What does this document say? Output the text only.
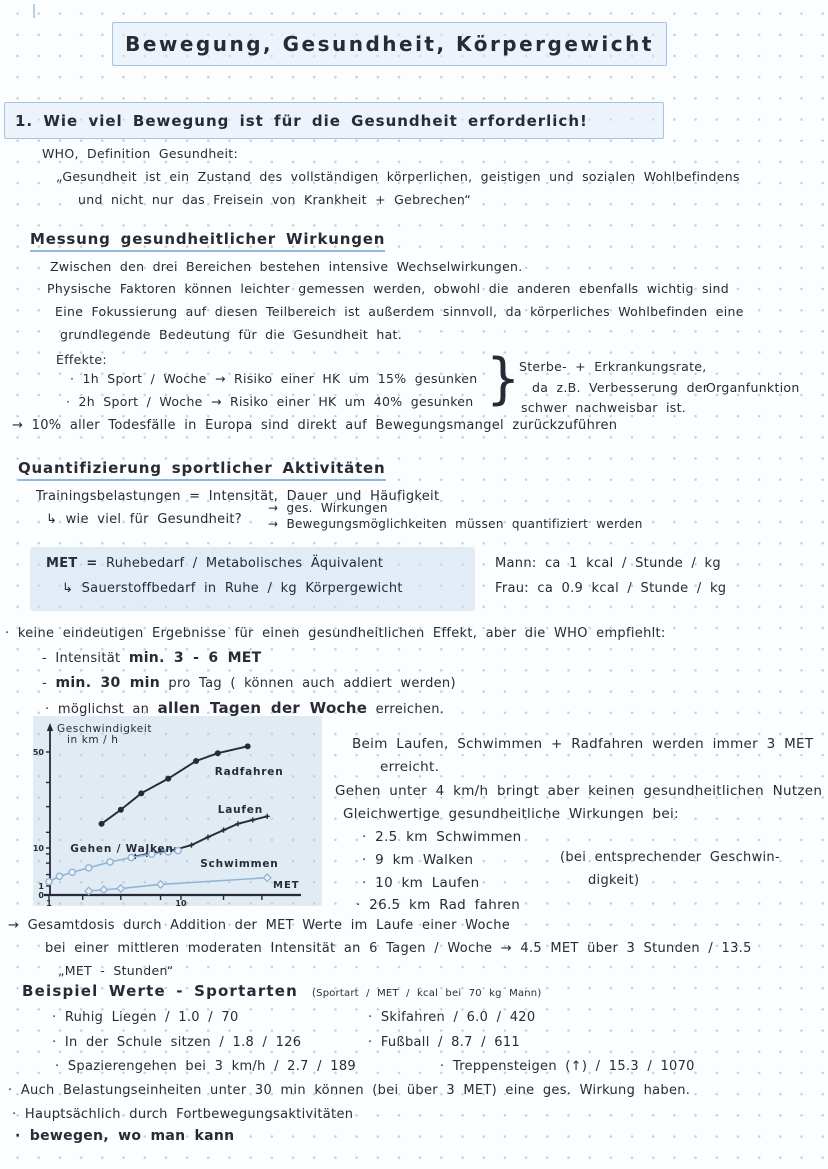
Bewegung, Gesundheit, Körpergewicht
1. Wie viel Bewegung ist für die Gesundheit erforderlich!
WHO, Definition Gesundheit:
„Gesundheit ist ein Zustand des vollständigen körperlichen, geistigen und sozialen Wohlbefindens
und nicht nur das Freisein von Krankheit + Gebrechen“
Messung gesundheitlicher Wirkungen
Zwischen den drei Bereichen bestehen intensive Wechselwirkungen.
Physische Faktoren können leichter gemessen werden, obwohl die anderen ebenfalls wichtig sind
Eine Fokussierung auf diesen Teilbereich ist außerdem sinnvoll, da körperliches Wohlbefinden eine
grundlegende Bedeutung für die Gesundheit hat.
Effekte:
· 1h Sport / Woche → Risiko einer HK um 15% gesunken
· 2h Sport / Woche → Risiko einer HK um 40% gesunken }
Sterbe- + Erkrankungsrate,
da z.B. Verbesserung der
Organfunktion
schwer nachweisbar ist.
→ 10% aller Todesfälle in Europa sind direkt auf Bewegungsmangel zurückzuführen
Quantifizierung sportlicher Aktivitäten
Trainingsbelastungen = Intensität, Dauer und Häufigkeit
↳ wie viel für Gesundheit?
→ ges. Wirkungen
→ Bewegungsmöglichkeiten müssen quantifiziert werden
MET = Ruhebedarf / Metabolisches Äquivalent
↳ Sauerstoffbedarf in Ruhe / kg Körpergewicht
Mann: ca 1 kcal / Stunde / kg
Frau: ca 0.9 kcal / Stunde / kg
· keine eindeutigen Ergebnisse für einen gesundheitlichen Effekt, aber die WHO empfiehlt:
- Intensität min. 3 - 6 MET
- min. 30 min pro Tag ( können auch addiert werden)
· möglichst an allen Tagen der Woche erreichen.
1	10
50
10
1
0
Geschwindigkeit
in km / h
MET
Radfahren
Laufen
Gehen / Walken
Schwimmen
Beim Laufen, Schwimmen + Radfahren werden immer 3 MET
erreicht.
Gehen unter 4 km/h bringt aber keinen gesundheitlichen Nutzen
Gleichwertige gesundheitliche Wirkungen bei:
· 2.5 km Schwimmen
· 9 km Walken
· 10 km Laufen
· 26.5 km Rad fahren
(bei entsprechender Geschwin-
digkeit)
→ Gesamtdosis durch Addition der MET Werte im Laufe einer Woche
bei einer mittleren moderaten Intensität an 6 Tagen / Woche → 4.5 MET über 3 Stunden / 13.5
„MET - Stunden“
Beispiel Werte - Sportarten (Sportart / MET / kcal bei 70 kg Mann)
· Ruhig Liegen / 1.0 / 70	· Skifahren / 6.0 / 420
· In der Schule sitzen / 1.8 / 126	· Fußball / 8.7 / 611
· Spazierengehen bei 3 km/h / 2.7 / 189	· Treppensteigen (↑) / 15.3 / 1070
· Auch Belastungseinheiten unter 30 min können (bei über 3 MET) eine ges. Wirkung haben.
· Hauptsächlich durch Fortbewegungsaktivitäten
· bewegen, wo man kann
